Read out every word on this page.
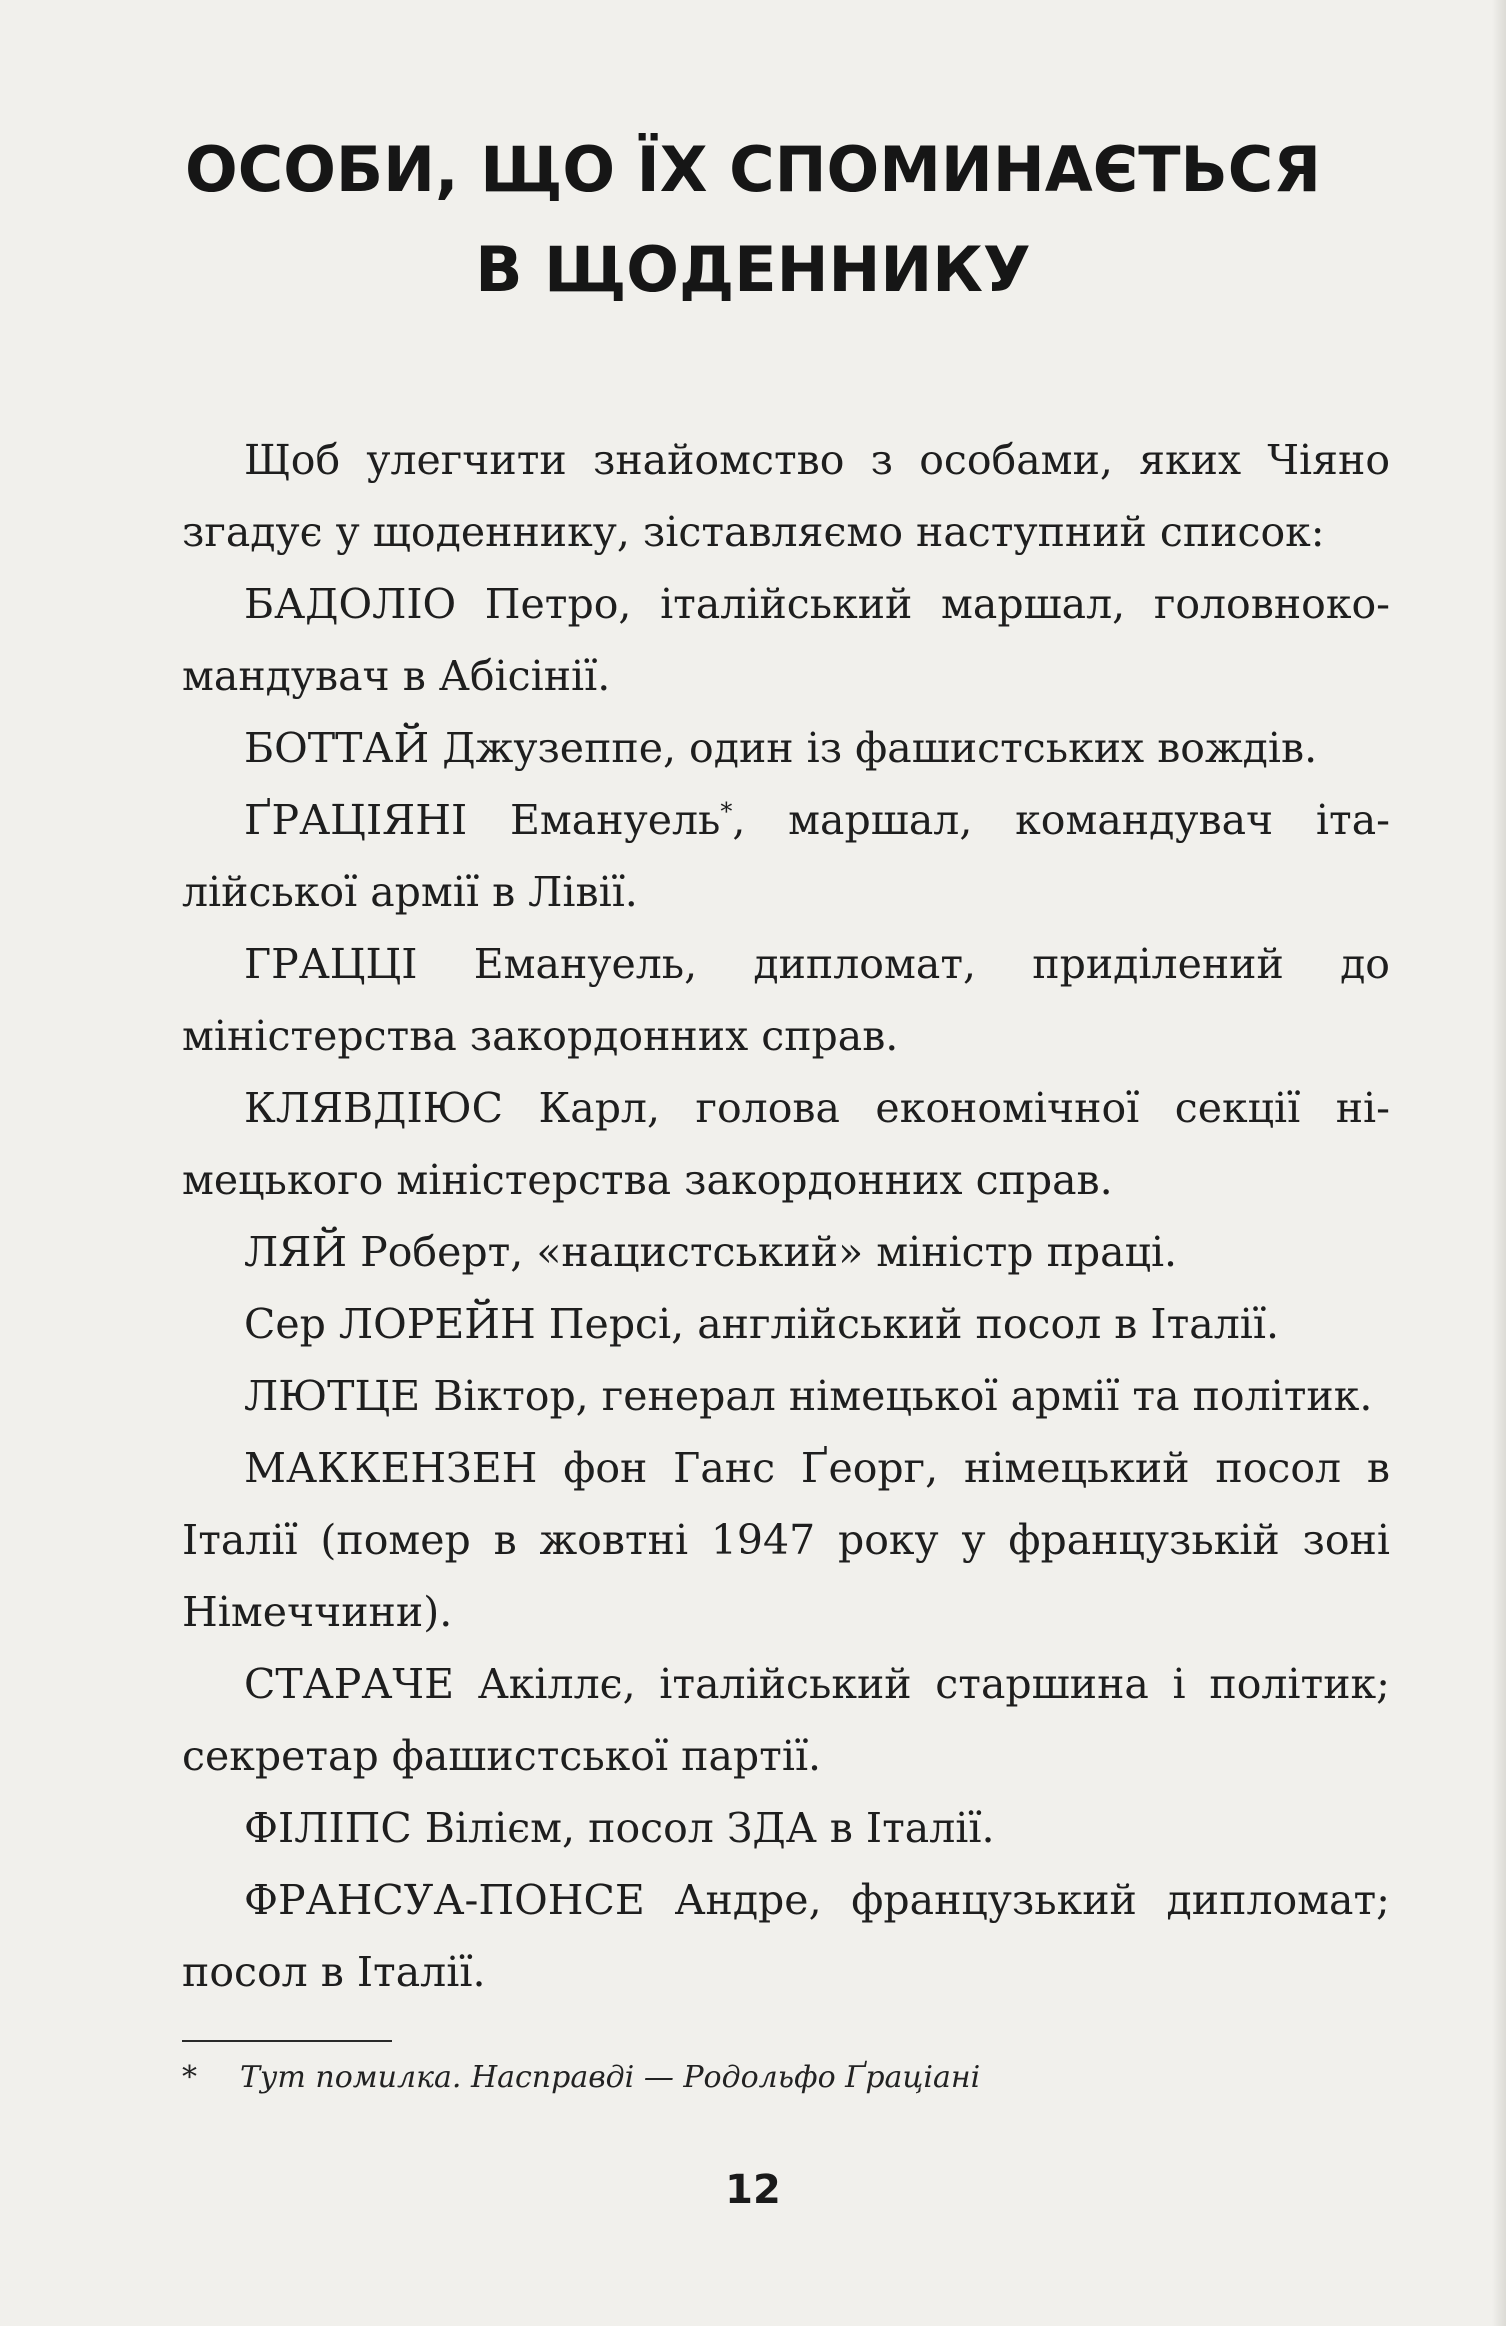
ОСОБИ, ЩО ЇХ СПОМИНАЄТЬСЯ
В ЩОДЕННИКУ

Щоб улегчити знайомство з особами, яких Чіяно згадує у щоденнику, зіставляємо наступний список:

БАДОЛІО Петро, італійський маршал, головнокомандувач в Абісінії.

БОТТАЙ Джузеппе, один із фашистських вождів.

ҐРАЦІЯНІ Емануель*, маршал, командувач італійської армії в Лівії.

ГРАЦЦІ Емануель, дипломат, приділений до міністерства закордонних справ.

КЛЯВДІЮС Карл, голова економічної секції німецького міністерства закордонних справ.

ЛЯЙ Роберт, «нацистський» міністр праці.

Сер ЛОРЕЙН Персі, англійський посол в Італії.

ЛЮТЦЕ Віктор, генерал німецької армії та політик.

МАККЕНЗЕН фон Ганс Ґеорг, німецький посол в Італії (помер в жовтні 1947 року у французькій зоні Німеччини).

СТАРАЧЕ Акіллє, італійський старшина і політик; секретар фашистської партії.

ФІЛІПС Вілієм, посол ЗДА в Італії.

ФРАНСУА-ПОНСЕ Андре, французький дипломат; посол в Італії.

* Тут помилка. Насправді — Родольфо Ґраціані
12
